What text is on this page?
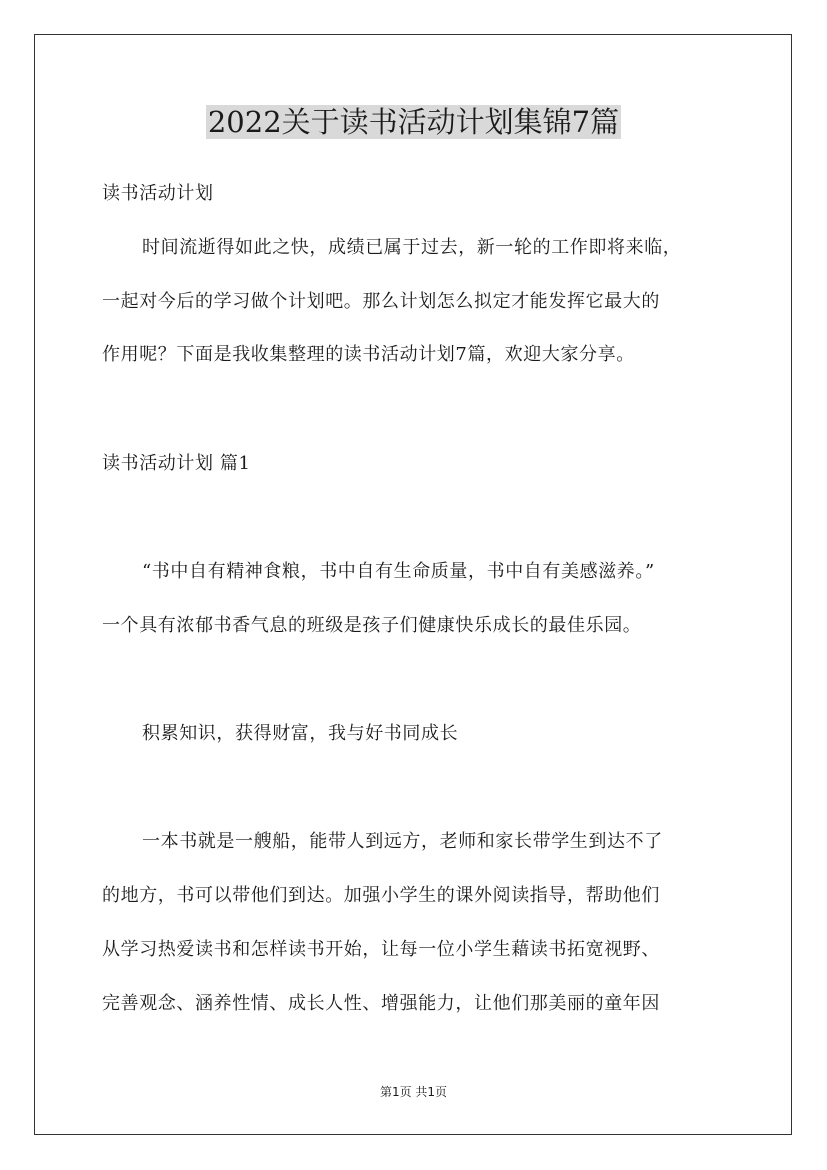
2022关于读书活动计划集锦7篇
读书活动计划
时间流逝得如此之快，成绩已属于过去，新一轮的工作即将来临，
一起对今后的学习做个计划吧。那么计划怎么拟定才能发挥它最大的
作用呢？下面是我收集整理的读书活动计划7篇，欢迎大家分享。
读书活动计划 篇1
“书中自有精神食粮，书中自有生命质量，书中自有美感滋养。”
一个具有浓郁书香气息的班级是孩子们健康快乐成长的最佳乐园。
积累知识，获得财富，我与好书同成长
一本书就是一艘船，能带人到远方，老师和家长带学生到达不了
的地方，书可以带他们到达。加强小学生的课外阅读指导，帮助他们
从学习热爱读书和怎样读书开始，让每一位小学生藉读书拓宽视野、
完善观念、涵养性情、成长人性、增强能力，让他们那美丽的童年因
第1页 共1页
